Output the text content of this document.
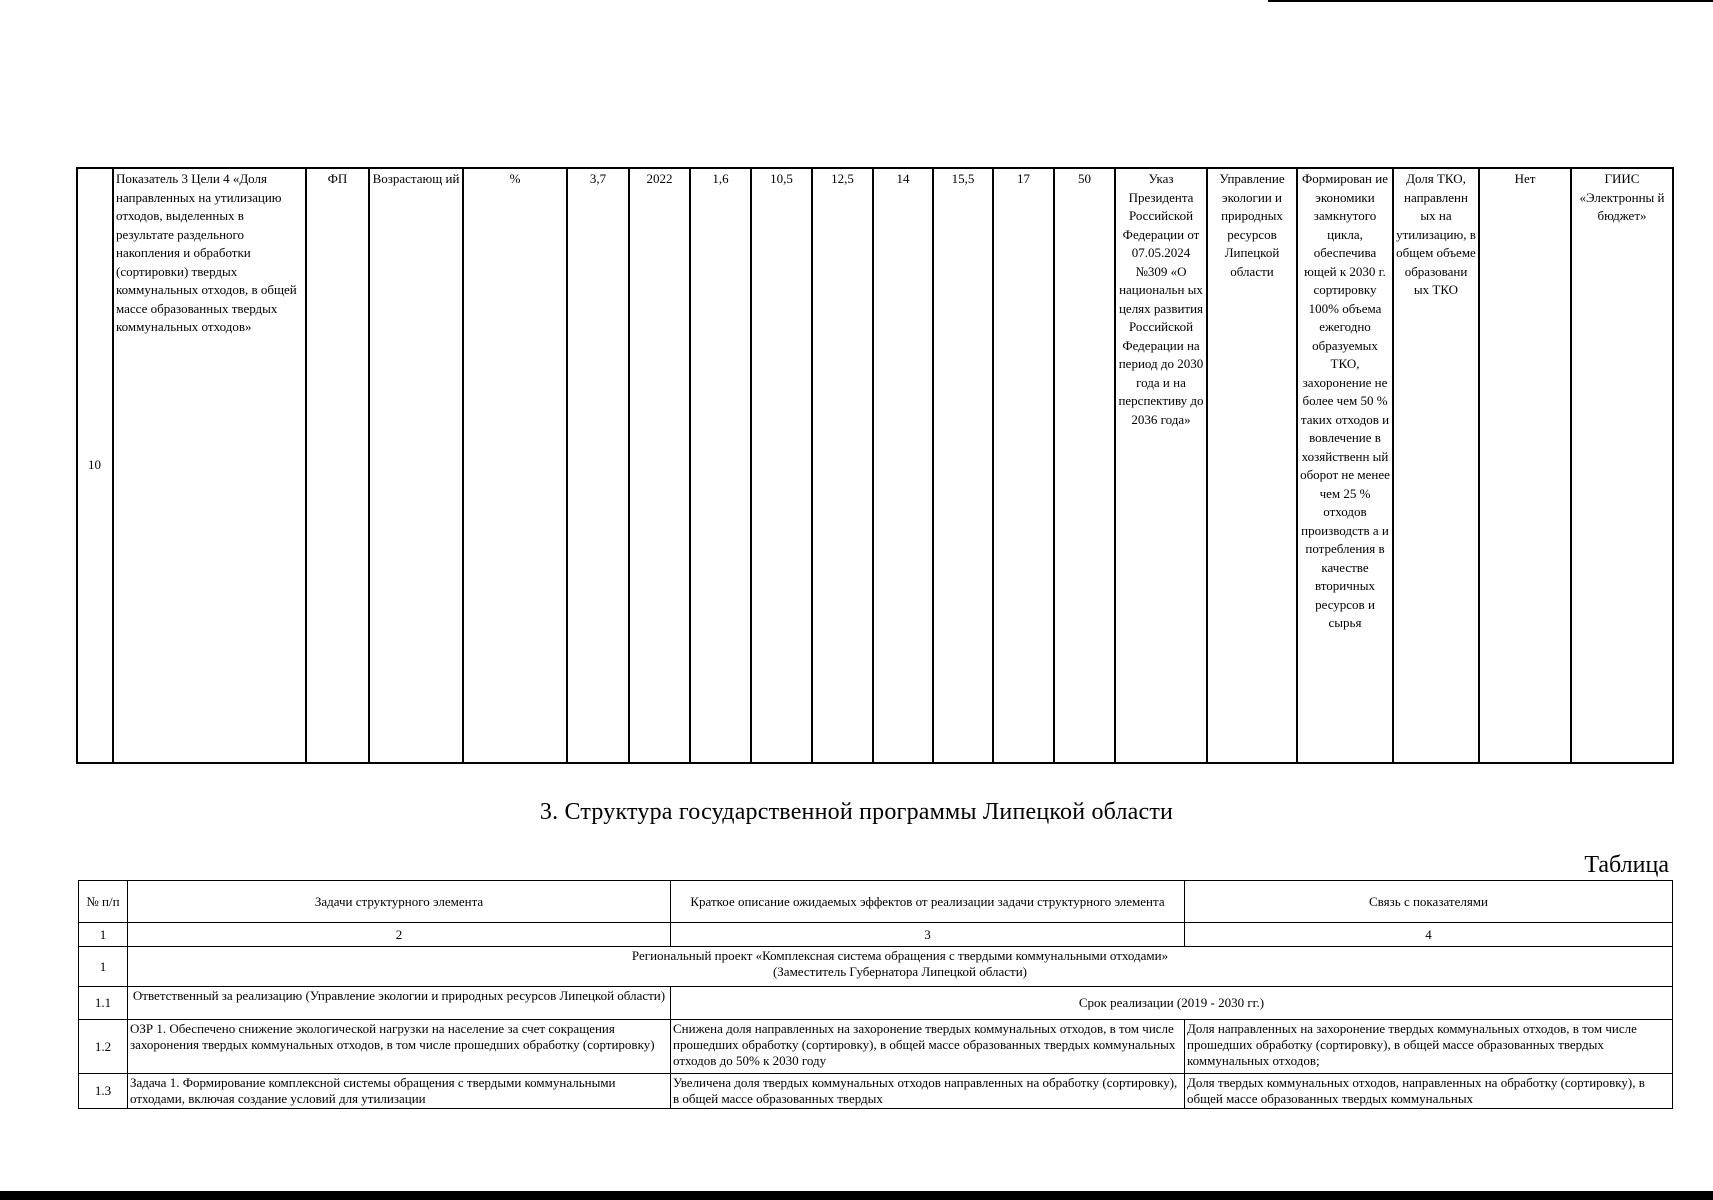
10	Показатель 3 Цели 4 «Доля направленных на утилизацию отходов, выделенных в результате раздельного накопления и обработки (сортировки) твердых коммунальных отходов, в общей массе образованных твердых коммунальных отходов»	ФП	Возрастающ ий	%	3,7	2022	1,6	10,5	12,5	14	15,5	17	50	Указ Президента Российской Федерации от 07.05.2024 №309 «О национальн ых целях развития Российской Федерации на период до 2030 года и на перспективу до 2036 года»	Управление экологии и природных ресурсов Липецкой области	Формирован ие экономики замкнутого цикла, обеспечива ющей к 2030 г. сортировку 100% объема ежегодно образуемых ТКО, захоронение не более чем 50 % таких отходов и вовлечение в хозяйственн ый оборот не менее чем 25 % отходов производств а и потребления в качестве вторичных ресурсов и сырья	Доля ТКО, направленн ых на утилизацию, в общем объеме образовани ых ТКО	Нет	ГИИС «Электронны й бюджет»
3. Структура государственной программы Липецкой области
Таблица
№ п/п	Задачи структурного элемента	Краткое описание ожидаемых эффектов от реализации задачи структурного элемента	Связь с показателями
1	2	3	4
1	Региональный проект «Комплексная система обращения с твердыми коммунальными отходами»
(Заместитель Губернатора Липецкой области)		

1.1	Ответственный за реализацию (Управление экологии и природных ресурсов Липецкой области)	Срок реализации (2019 - 2030 гг.)	
1.2	ОЗР 1. Обеспечено снижение экологической нагрузки на население за счет сокращения захоронения твердых коммунальных отходов, в том числе прошедших обработку (сортировку)	Снижена доля направленных на захоронение твердых коммунальных отходов, в том числе прошедших обработку (сортировку), в общей массе образованных твердых коммунальных отходов до 50% к 2030 году	Доля направленных на захоронение твердых коммунальных отходов, в том числе прошедших обработку (сортировку), в общей массе образованных твердых коммунальных отходов;
1.3	Задача 1. Формирование комплексной системы обращения с твердыми коммунальными отходами, включая создание условий для утилизации	Увеличена доля твердых коммунальных отходов направленных на обработку (сортировку), в общей массе образованных твердых	Доля твердых коммунальных отходов, направленных на обработку (сортировку), в общей массе образованных твердых коммунальных
